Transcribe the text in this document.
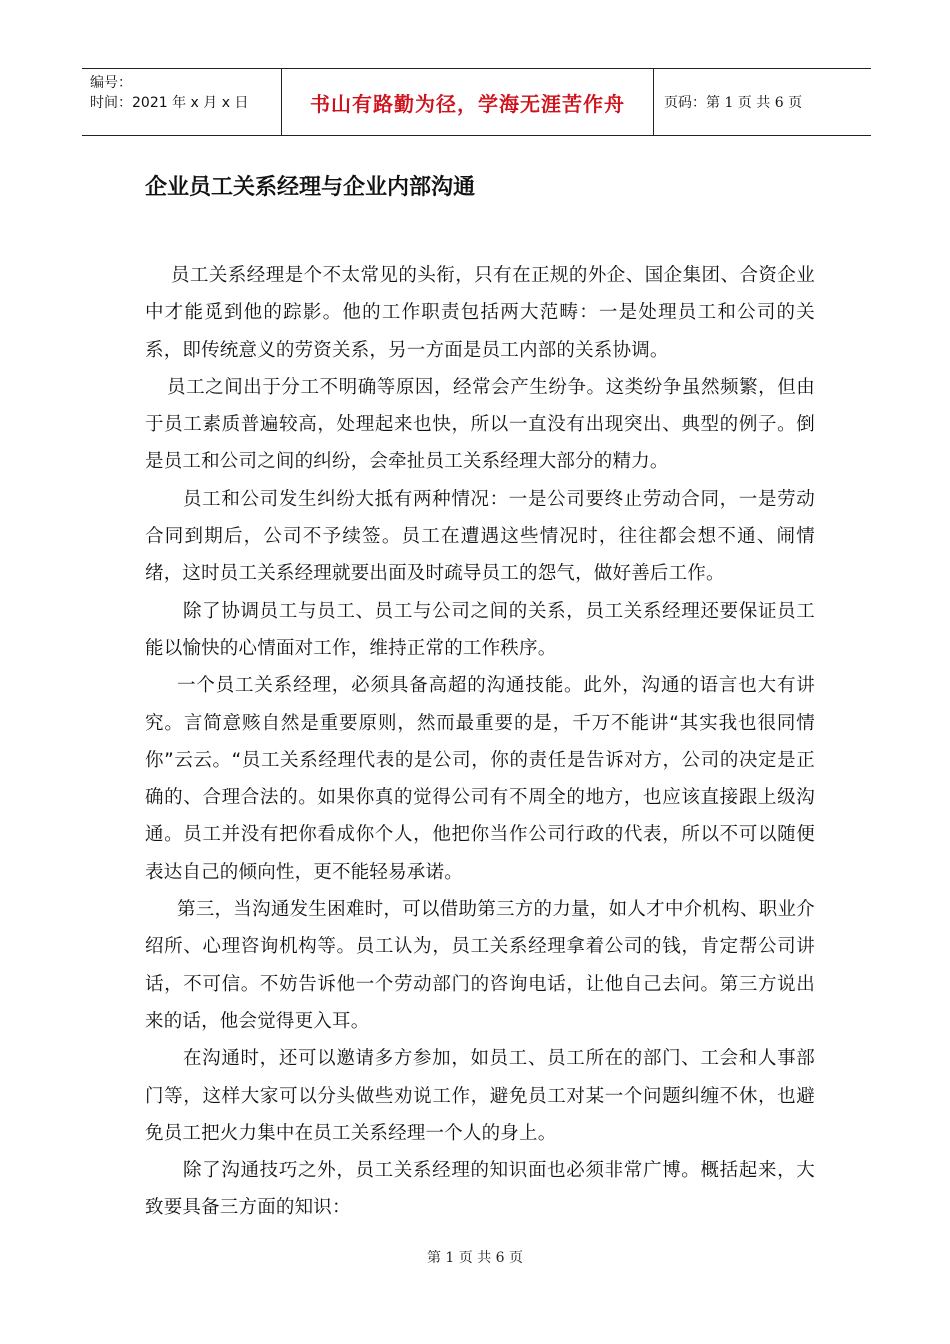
编号：
时间：2021 年 x 月 x 日	书山有路勤为径，学海无涯苦作舟	页码：第 1 页 共 6 页
企业员工关系经理与企业内部沟通

员工关系经理是个不太常见的头衔，只有在正规的外企、国企集团、合资企业中才能觅到他的踪影。他的工作职责包括两大范畴：一是处理员工和公司的关系，即传统意义的劳资关系，另一方面是员工内部的关系协调。

员工之间出于分工不明确等原因，经常会产生纷争。这类纷争虽然频繁，但由于员工素质普遍较高，处理起来也快，所以一直没有出现突出、典型的例子。倒是员工和公司之间的纠纷，会牵扯员工关系经理大部分的精力。

员工和公司发生纠纷大抵有两种情况：一是公司要终止劳动合同，一是劳动合同到期后，公司不予续签。员工在遭遇这些情况时，往往都会想不通、闹情绪，这时员工关系经理就要出面及时疏导员工的怨气，做好善后工作。

除了协调员工与员工、员工与公司之间的关系，员工关系经理还要保证员工能以愉快的心情面对工作，维持正常的工作秩序。

一个员工关系经理，必须具备高超的沟通技能。此外，沟通的语言也大有讲究。言简意赅自然是重要原则，然而最重要的是，千万不能讲“其实我也很同情你”云云。“员工关系经理代表的是公司，你的责任是告诉对方，公司的决定是正确的、合理合法的。如果你真的觉得公司有不周全的地方，也应该直接跟上级沟通。员工并没有把你看成你个人，他把你当作公司行政的代表，所以不可以随便表达自己的倾向性，更不能轻易承诺。

第三，当沟通发生困难时，可以借助第三方的力量，如人才中介机构、职业介绍所、心理咨询机构等。员工认为，员工关系经理拿着公司的钱，肯定帮公司讲话，不可信。不妨告诉他一个劳动部门的咨询电话，让他自己去问。第三方说出来的话，他会觉得更入耳。

在沟通时，还可以邀请多方参加，如员工、员工所在的部门、工会和人事部门等，这样大家可以分头做些劝说工作，避免员工对某一个问题纠缠不休，也避免员工把火力集中在员工关系经理一个人的身上。

除了沟通技巧之外，员工关系经理的知识面也必须非常广博。概括起来，大致要具备三方面的知识：

第 1 页 共 6 页
